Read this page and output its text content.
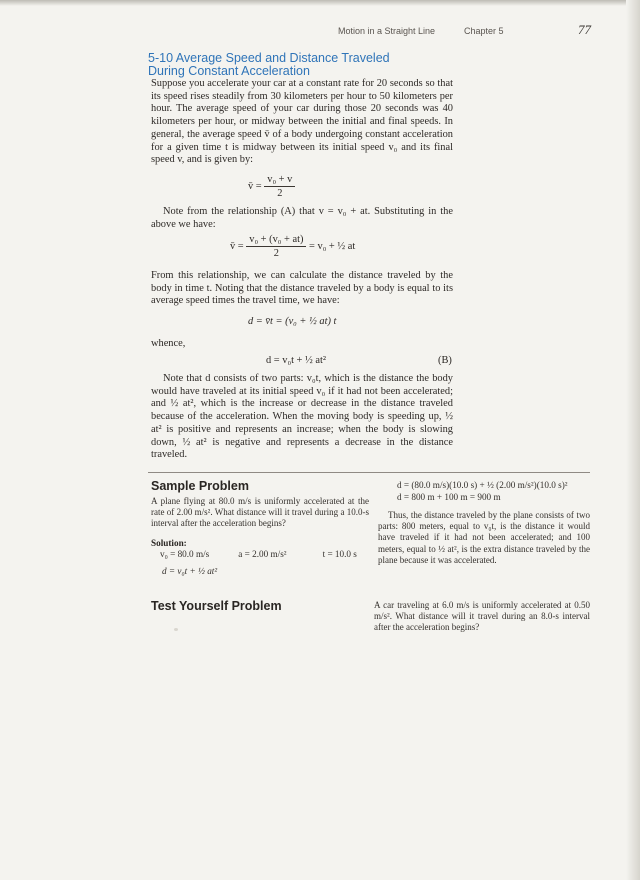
Motion in a Straight Line	Chapter 5	77
5-10 Average Speed and Distance Traveled
During Constant Acceleration

Suppose you accelerate your car at a constant rate for 20 seconds so that its speed rises steadily from 30 kilometers per hour to 50 kilometers per hour. The average speed of your car during those 20 seconds was 40 kilometers per hour, or midway between the initial and final speeds. In general, the average speed v̄ of a body undergoing constant acceleration for a given time t is midway between its initial speed v₀ and its final speed v, and is given by:

v̄ = $\frac{\text{v₀ + v}}{2}$

Note from the relationship (A) that v = v₀ + at. Substituting in the above we have:

v̄ = $\frac{\text{v₀ + (v₀ + at)}}{2} = v_0$ + ½ at

From this relationship, we can calculate the distance traveled by the body in time t. Noting that the distance traveled by a body is equal to its average speed times the travel time, we have:

d = v̄t = (v₀ + ½ at) t
whence,
d = v₀t + ½ at²	(B)

Note that d consists of two parts: v₀t, which is the distance the body would have traveled at its initial speed v₀ if it had not been accelerated; and ½ at², which is the increase or decrease in the distance traveled because of the acceleration. When the moving body is speeding up, ½ at² is positive and represents an increase; when the body is slowing down, ½ at² is negative and represents a decrease in the distance traveled.

Sample Problem

A plane flying at 80.0 m/s is uniformly accelerated at the rate of 2.00 m/s². What distance will it travel during a 10.0-s interval after the acceleration begins?

Solution:
v₀ = 80.0 m/s	a = 2.00 m/s²	t = 10.0 s
d = v₀t + ½ at²
d = (80.0 m/s)(10.0 s) + ½ (2.00 m/s²)(10.0 s)²
d = 800 m + 100 m = 900 m

Thus, the distance traveled by the plane consists of two parts: 800 meters, equal to v₀t, is the distance it would have traveled if it had not been accelerated; and 100 meters, equal to ½ at², is the extra distance traveled by the plane because it was accelerated.

Test Yourself Problem	A car traveling at 6.0 m/s is uniformly accelerated at 0.50 m/s². What distance will it travel during an 8.0-s interval after the acceleration begins?
